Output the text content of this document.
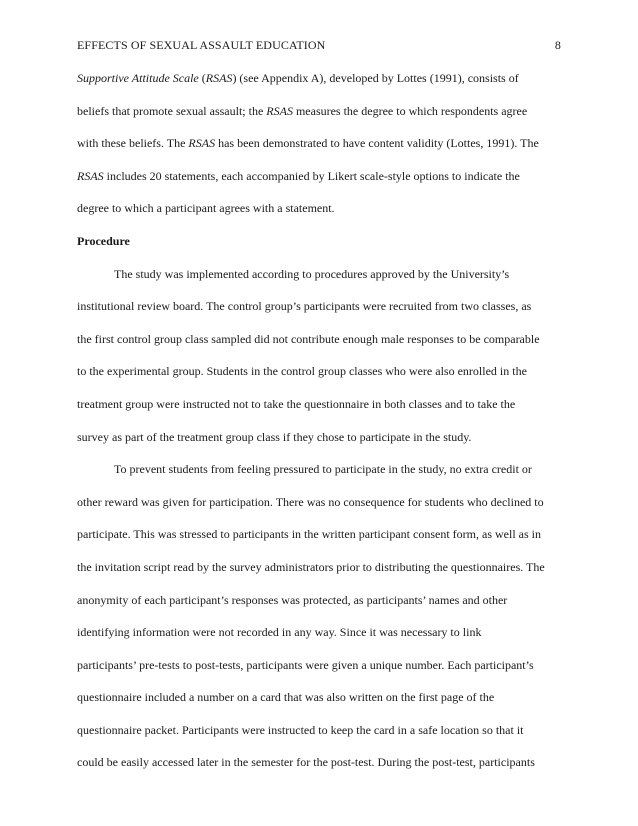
EFFECTS OF SEXUAL ASSAULT EDUCATION	8
Supportive Attitude Scale (RSAS) (see Appendix A), developed by Lottes (1991), consists of
beliefs that promote sexual assault; the RSAS measures the degree to which respondents agree
with these beliefs. The RSAS has been demonstrated to have content validity (Lottes, 1991). The
RSAS includes 20 statements, each accompanied by Likert scale-style options to indicate the
degree to which a participant agrees with a statement.
Procedure
The study was implemented according to procedures approved by the University’s
institutional review board. The control group’s participants were recruited from two classes, as
the first control group class sampled did not contribute enough male responses to be comparable
to the experimental group. Students in the control group classes who were also enrolled in the
treatment group were instructed not to take the questionnaire in both classes and to take the
survey as part of the treatment group class if they chose to participate in the study.
To prevent students from feeling pressured to participate in the study, no extra credit or
other reward was given for participation. There was no consequence for students who declined to
participate. This was stressed to participants in the written participant consent form, as well as in
the invitation script read by the survey administrators prior to distributing the questionnaires. The
anonymity of each participant’s responses was protected, as participants’ names and other
identifying information were not recorded in any way. Since it was necessary to link
participants’ pre-tests to post-tests, participants were given a unique number. Each participant’s
questionnaire included a number on a card that was also written on the first page of the
questionnaire packet. Participants were instructed to keep the card in a safe location so that it
could be easily accessed later in the semester for the post-test. During the post-test, participants
